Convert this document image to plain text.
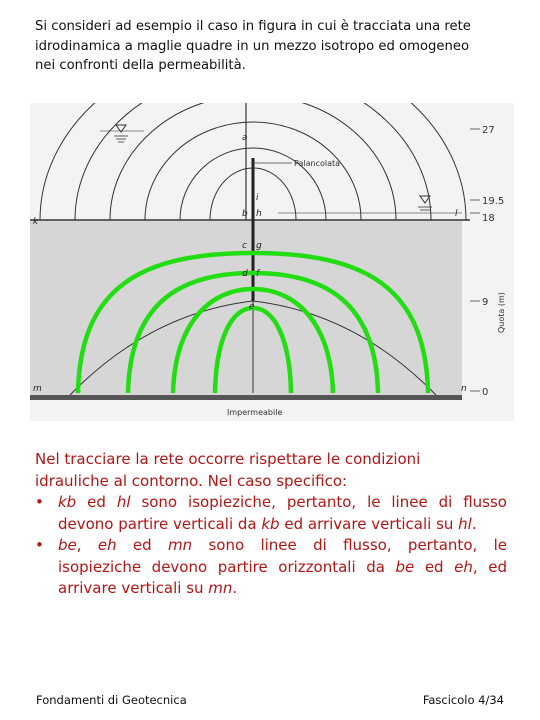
Si consideri ad esempio il caso in figura in cui è tracciata una rete
idrodinamica a maglie quadre in un mezzo isotropo ed omogeneo
nei confronti della permeabilità.
a
b h
c g
d f
e
i
k
l
m	n
Palancolata
Impermeabile
27
19.5
18
9
0
Quota (m)
Nel tracciare la rete occorre rispettare le condizioni
idrauliche al contorno. Nel caso specifico:
• kb ed hl sono isopieziche, pertanto, le linee di flusso
devono partire verticali da kb ed arrivare verticali su hl.
• be, eh ed mn sono linee di flusso, pertanto, le
isopieziche devono partire orizzontali da be ed eh, ed
arrivare verticali su mn.
Fondamenti di Geotecnica	Fascicolo 4/34
